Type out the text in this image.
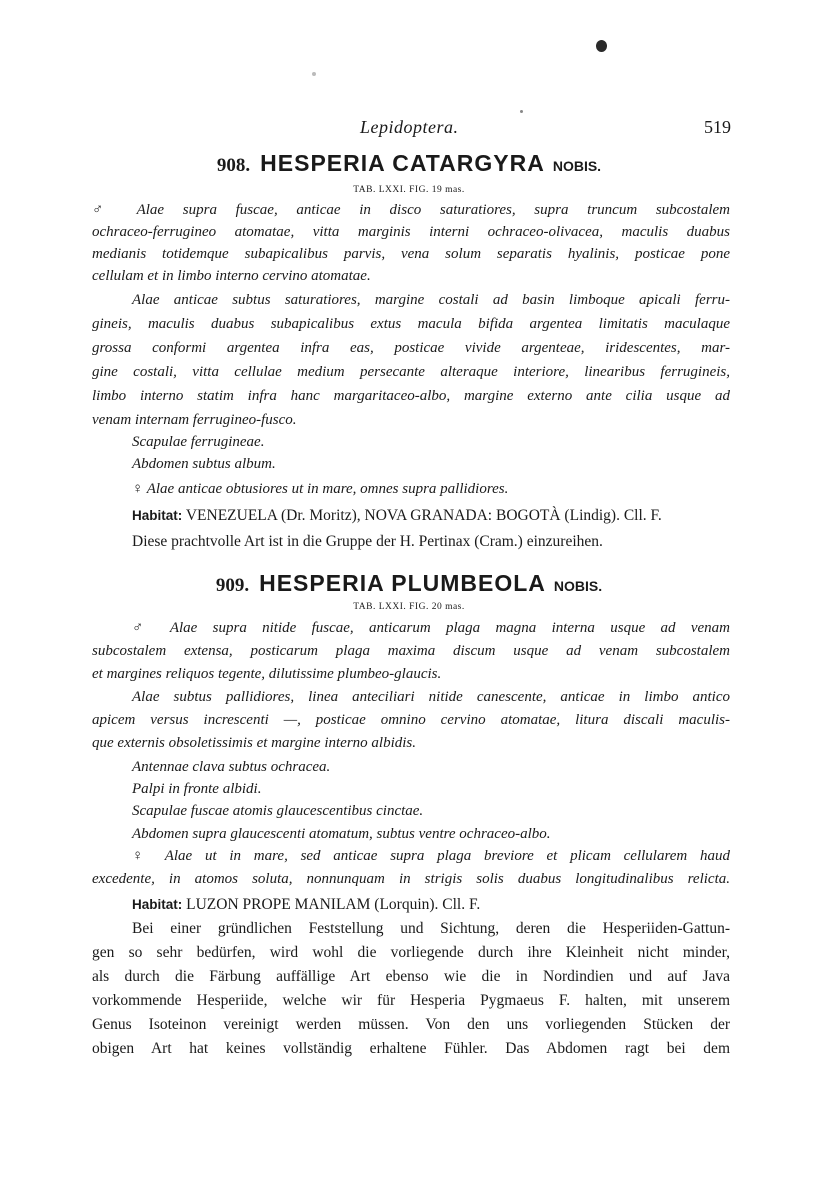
Lepidoptera.	519
908. HESPERIA CATARGYRA NOBIS.
TAB. LXXI. FIG. 19 mas.
♂ Alae supra fuscae, anticae in disco saturatiores, supra truncum subcostalem
ochraceo-ferrugineo atomatae, vitta marginis interni ochraceo-olivacea, maculis duabus
medianis totidemque subapicalibus parvis, vena solum separatis hyalinis, posticae pone
cellulam et in limbo interno cervino atomatae.
Alae anticae subtus saturatiores, margine costali ad basin limboque apicali ferru-
gineis, maculis duabus subapicalibus extus macula bifida argentea limitatis maculaque
grossa conformi argentea infra eas, posticae vivide argenteae, iridescentes, mar-
gine costali, vitta cellulae medium persecante alteraque interiore, linearibus ferrugineis,
limbo interno statim infra hanc margaritaceo-albo, margine externo ante cilia usque ad
venam internam ferrugineo-fusco.
Scapulae ferrugineae.
Abdomen subtus album.
♀ Alae anticae obtusiores ut in mare, omnes supra pallidiores.
Habitat: VENEZUELA (Dr. Moritz), NOVA GRANADA: BOGOTÀ (Lindig). Cll. F.
Diese prachtvolle Art ist in die Gruppe der H. Pertinax (Cram.) einzureihen.
909. HESPERIA PLUMBEOLA NOBIS.
TAB. LXXI. FIG. 20 mas.
♂ Alae supra nitide fuscae, anticarum plaga magna interna usque ad venam
subcostalem extensa, posticarum plaga maxima discum usque ad venam subcostalem
et margines reliquos tegente, dilutissime plumbeo-glaucis.
Alae subtus pallidiores, linea anteciliari nitide canescente, anticae in limbo antico
apicem versus increscenti —, posticae omnino cervino atomatae, litura discali maculis-
que externis obsoletissimis et margine interno albidis.
Antennae clava subtus ochracea.
Palpi in fronte albidi.
Scapulae fuscae atomis glaucescentibus cinctae.
Abdomen supra glaucescenti atomatum, subtus ventre ochraceo-albo.
♀ Alae ut in mare, sed anticae supra plaga breviore et plicam cellularem haud
excedente, in atomos soluta, nonnunquam in strigis solis duabus longitudinalibus relicta.
Habitat: LUZON PROPE MANILAM (Lorquin). Cll. F.
Bei einer gründlichen Feststellung und Sichtung, deren die Hesperiiden-Gattun-
gen so sehr bedürfen, wird wohl die vorliegende durch ihre Kleinheit nicht minder,
als durch die Färbung auffällige Art ebenso wie die in Nordindien und auf Java
vorkommende Hesperiide, welche wir für Hesperia Pygmaeus F. halten, mit unserem
Genus Isoteinon vereinigt werden müssen. Von den uns vorliegenden Stücken der
obigen Art hat keines vollständig erhaltene Fühler. Das Abdomen ragt bei dem
